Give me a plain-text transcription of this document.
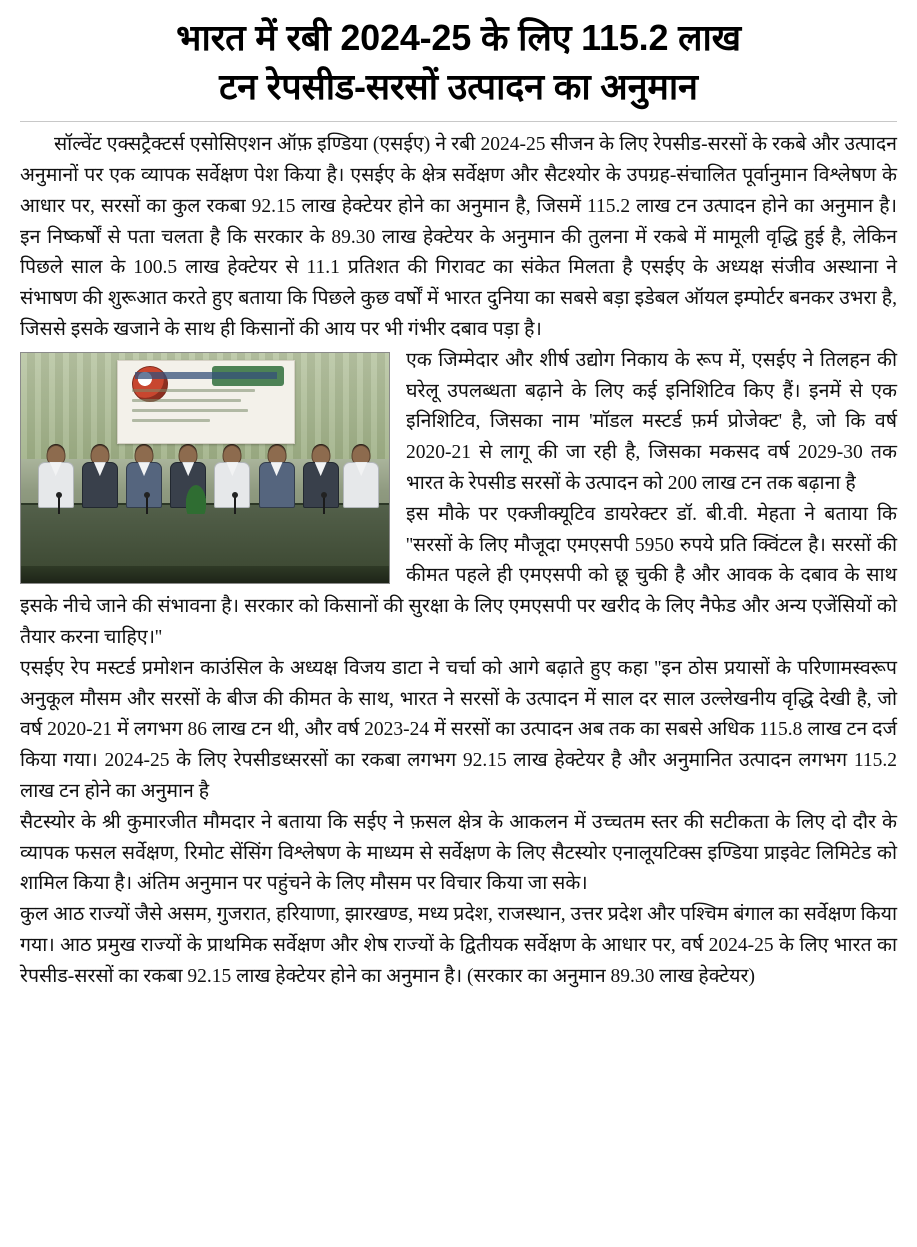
भारत में रबी 2024-25 के लिए 115.2 लाख
टन रेपसीड-सरसों उत्पादन का अनुमान

सॉल्वेंट एक्सट्रैक्टर्स एसोसिएशन ऑफ़ इण्डिया (एसईए) ने रबी 2024-25 सीजन के लिए रेपसीड-सरसों के रकबे और उत्पादन अनुमानों पर एक व्यापक सर्वेक्षण पेश किया है। एसईए के क्षेत्र सर्वेक्षण और सैटश्योर के उपग्रह-संचालित पूर्वानुमान विश्लेषण के आधार पर, सरसों का कुल रकबा 92.15 लाख हेक्टेयर होने का अनुमान है, जिसमें 115.2 लाख टन उत्पादन होने का अनुमान है। इन निष्कर्षों से पता चलता है कि सरकार के 89.30 लाख हेक्टेयर के अनुमान की तुलना में रकबे में मामूली वृद्धि हुई है, लेकिन पिछले साल के 100.5 लाख हेक्टेयर से 11.1 प्रतिशत की गिरावट का संकेत मिलता है एसईए के अध्यक्ष संजीव अस्थाना ने संभाषण की शुरूआत करते हुए बताया कि पिछले कुछ वर्षों में भारत दुनिया का सबसे बड़ा इडेबल ऑयल इम्पोर्टर बनकर उभरा है, जिससे इसके खजाने के साथ ही किसानों की आय पर भी गंभीर दबाव पड़ा है।

एक जिम्मेदार और शीर्ष उद्योग निकाय के रूप में, एसईए ने तिलहन की घरेलू उपलब्धता बढ़ाने के लिए कई इनिशिटिव किए हैं। इनमें से एक इनिशिटिव, जिसका नाम 'मॉडल मस्टर्ड फ़र्म प्रोजेक्ट' है, जो कि वर्ष 2020-21 से लागू की जा रही है, जिसका मकसद वर्ष 2029-30 तक भारत के रेपसीड सरसों के उत्पादन को 200 लाख टन तक बढ़ाना है

इस मौके पर एक्जीक्यूटिव डायरेक्टर डॉ. बी.वी. मेहता ने बताया कि ''सरसों के लिए मौजूदा एमएसपी 5950 रुपये प्रति क्विंटल है। सरसों की कीमत पहले ही एमएसपी को छू चुकी है और आवक के दबाव के साथ इसके नीचे जाने की संभावना है। सरकार को किसानों की सुरक्षा के लिए एमएसपी पर खरीद के लिए नैफेड और अन्य एजेंसियों को तैयार करना चाहिए।''

एसईए रेप मस्टर्ड प्रमोशन काउंसिल के अध्यक्ष विजय डाटा ने चर्चा को आगे बढ़ाते हुए कहा ''इन ठोस प्रयासों के परिणामस्वरूप अनुकूल मौसम और सरसों के बीज की कीमत के साथ, भारत ने सरसों के उत्पादन में साल दर साल उल्लेखनीय वृद्धि देखी है, जो वर्ष 2020-21 में लगभग 86 लाख टन थी, और वर्ष 2023-24 में सरसों का उत्पादन अब तक का सबसे अधिक 115.8 लाख टन दर्ज किया गया। 2024-25 के लिए रेपसीडध्सरसों का रकबा लगभग 92.15 लाख हेक्टेयर है और अनुमानित उत्पादन लगभग 115.2 लाख टन होने का अनुमान है

सैटस्योर के श्री कुमारजीत मौमदार ने बताया कि सईए ने फ़सल क्षेत्र के आकलन में उच्चतम स्तर की सटीकता के लिए दो दौर के व्यापक फसल सर्वेक्षण, रिमोट सेंसिंग विश्लेषण के माध्यम से सर्वेक्षण के लिए सैटस्योर एनालूयटिक्स इण्डिया प्राइवेट लिमिटेड को शामिल किया है। अंतिम अनुमान पर पहुंचने के लिए मौसम पर विचार किया जा सके।

कुल आठ राज्यों जैसे असम, गुजरात, हरियाणा, झारखण्ड, मध्य प्रदेश, राजस्थान, उत्तर प्रदेश और पश्चिम बंगाल का सर्वेक्षण किया गया। आठ प्रमुख राज्यों के प्राथमिक सर्वेक्षण और शेष राज्यों के द्वितीयक सर्वेक्षण के आधार पर, वर्ष 2024-25 के लिए भारत का रेपसीड-सरसों का रकबा 92.15 लाख हेक्टेयर होने का अनुमान है। (सरकार का अनुमान 89.30 लाख हेक्टेयर)
